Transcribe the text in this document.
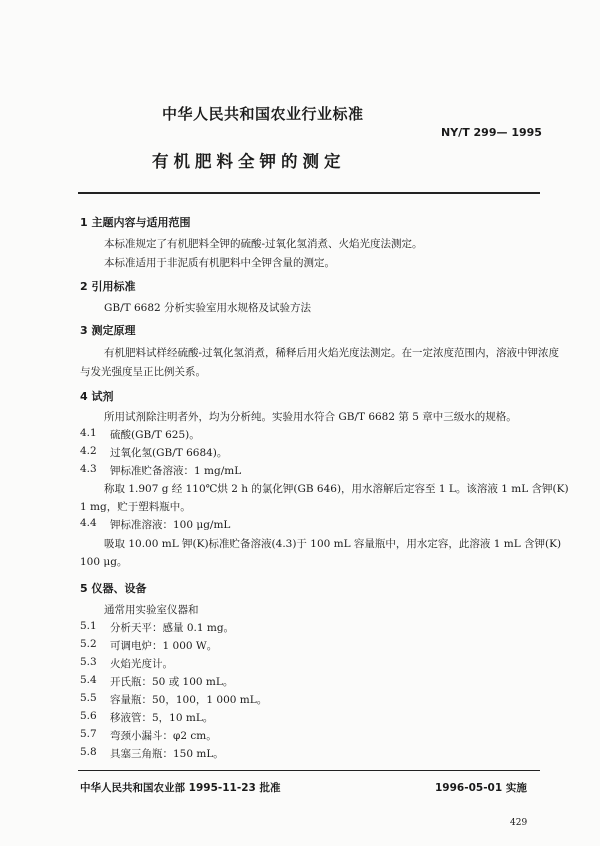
中华人民共和国农业行业标准
NY/T 299— 1995
有机肥料全钾的测定
1 主题内容与适用范围
本标准规定了有机肥料全钾的硫酸-过氧化氢消煮、火焰光度法测定。
本标准适用于非泥质有机肥料中全钾含量的测定。
2 引用标准
GB/T 6682 分析实验室用水规格及试验方法
3 测定原理
有机肥料试样经硫酸-过氧化氢消煮，稀释后用火焰光度法测定。在一定浓度范围内，溶液中钾浓度
与发光强度呈正比例关系。
4 试剂
所用试剂除注明者外，均为分析纯。实验用水符合 GB/T 6682 第 5 章中三级水的规格。
4.1 硫酸(GB/T 625)。
4.2 过氧化氢(GB/T 6684)。
4.3 钾标准贮备溶液：1 mg/mL
称取 1.907 g 经 110℃烘 2 h 的氯化钾(GB 646)，用水溶解后定容至 1 L。该溶液 1 mL 含钾(K)
1 mg，贮于塑料瓶中。
4.4 钾标准溶液：100 μg/mL
吸取 10.00 mL 钾(K)标准贮备溶液(4.3)于 100 mL 容量瓶中，用水定容，此溶液 1 mL 含钾(K)
100 μg。
5 仪器、设备
通常用实验室仪器和
5.1 分析天平：感量 0.1 mg。
5.2 可调电炉：1 000 W。
5.3 火焰光度计。
5.4 开氏瓶：50 或 100 mL。
5.5 容量瓶：50，100，1 000 mL。
5.6 移液管：5，10 mL。
5.7 弯颈小漏斗：φ2 cm。
5.8 具塞三角瓶：150 mL。
中华人民共和国农业部 1995-11-23 批准	1996-05-01 实施
429
